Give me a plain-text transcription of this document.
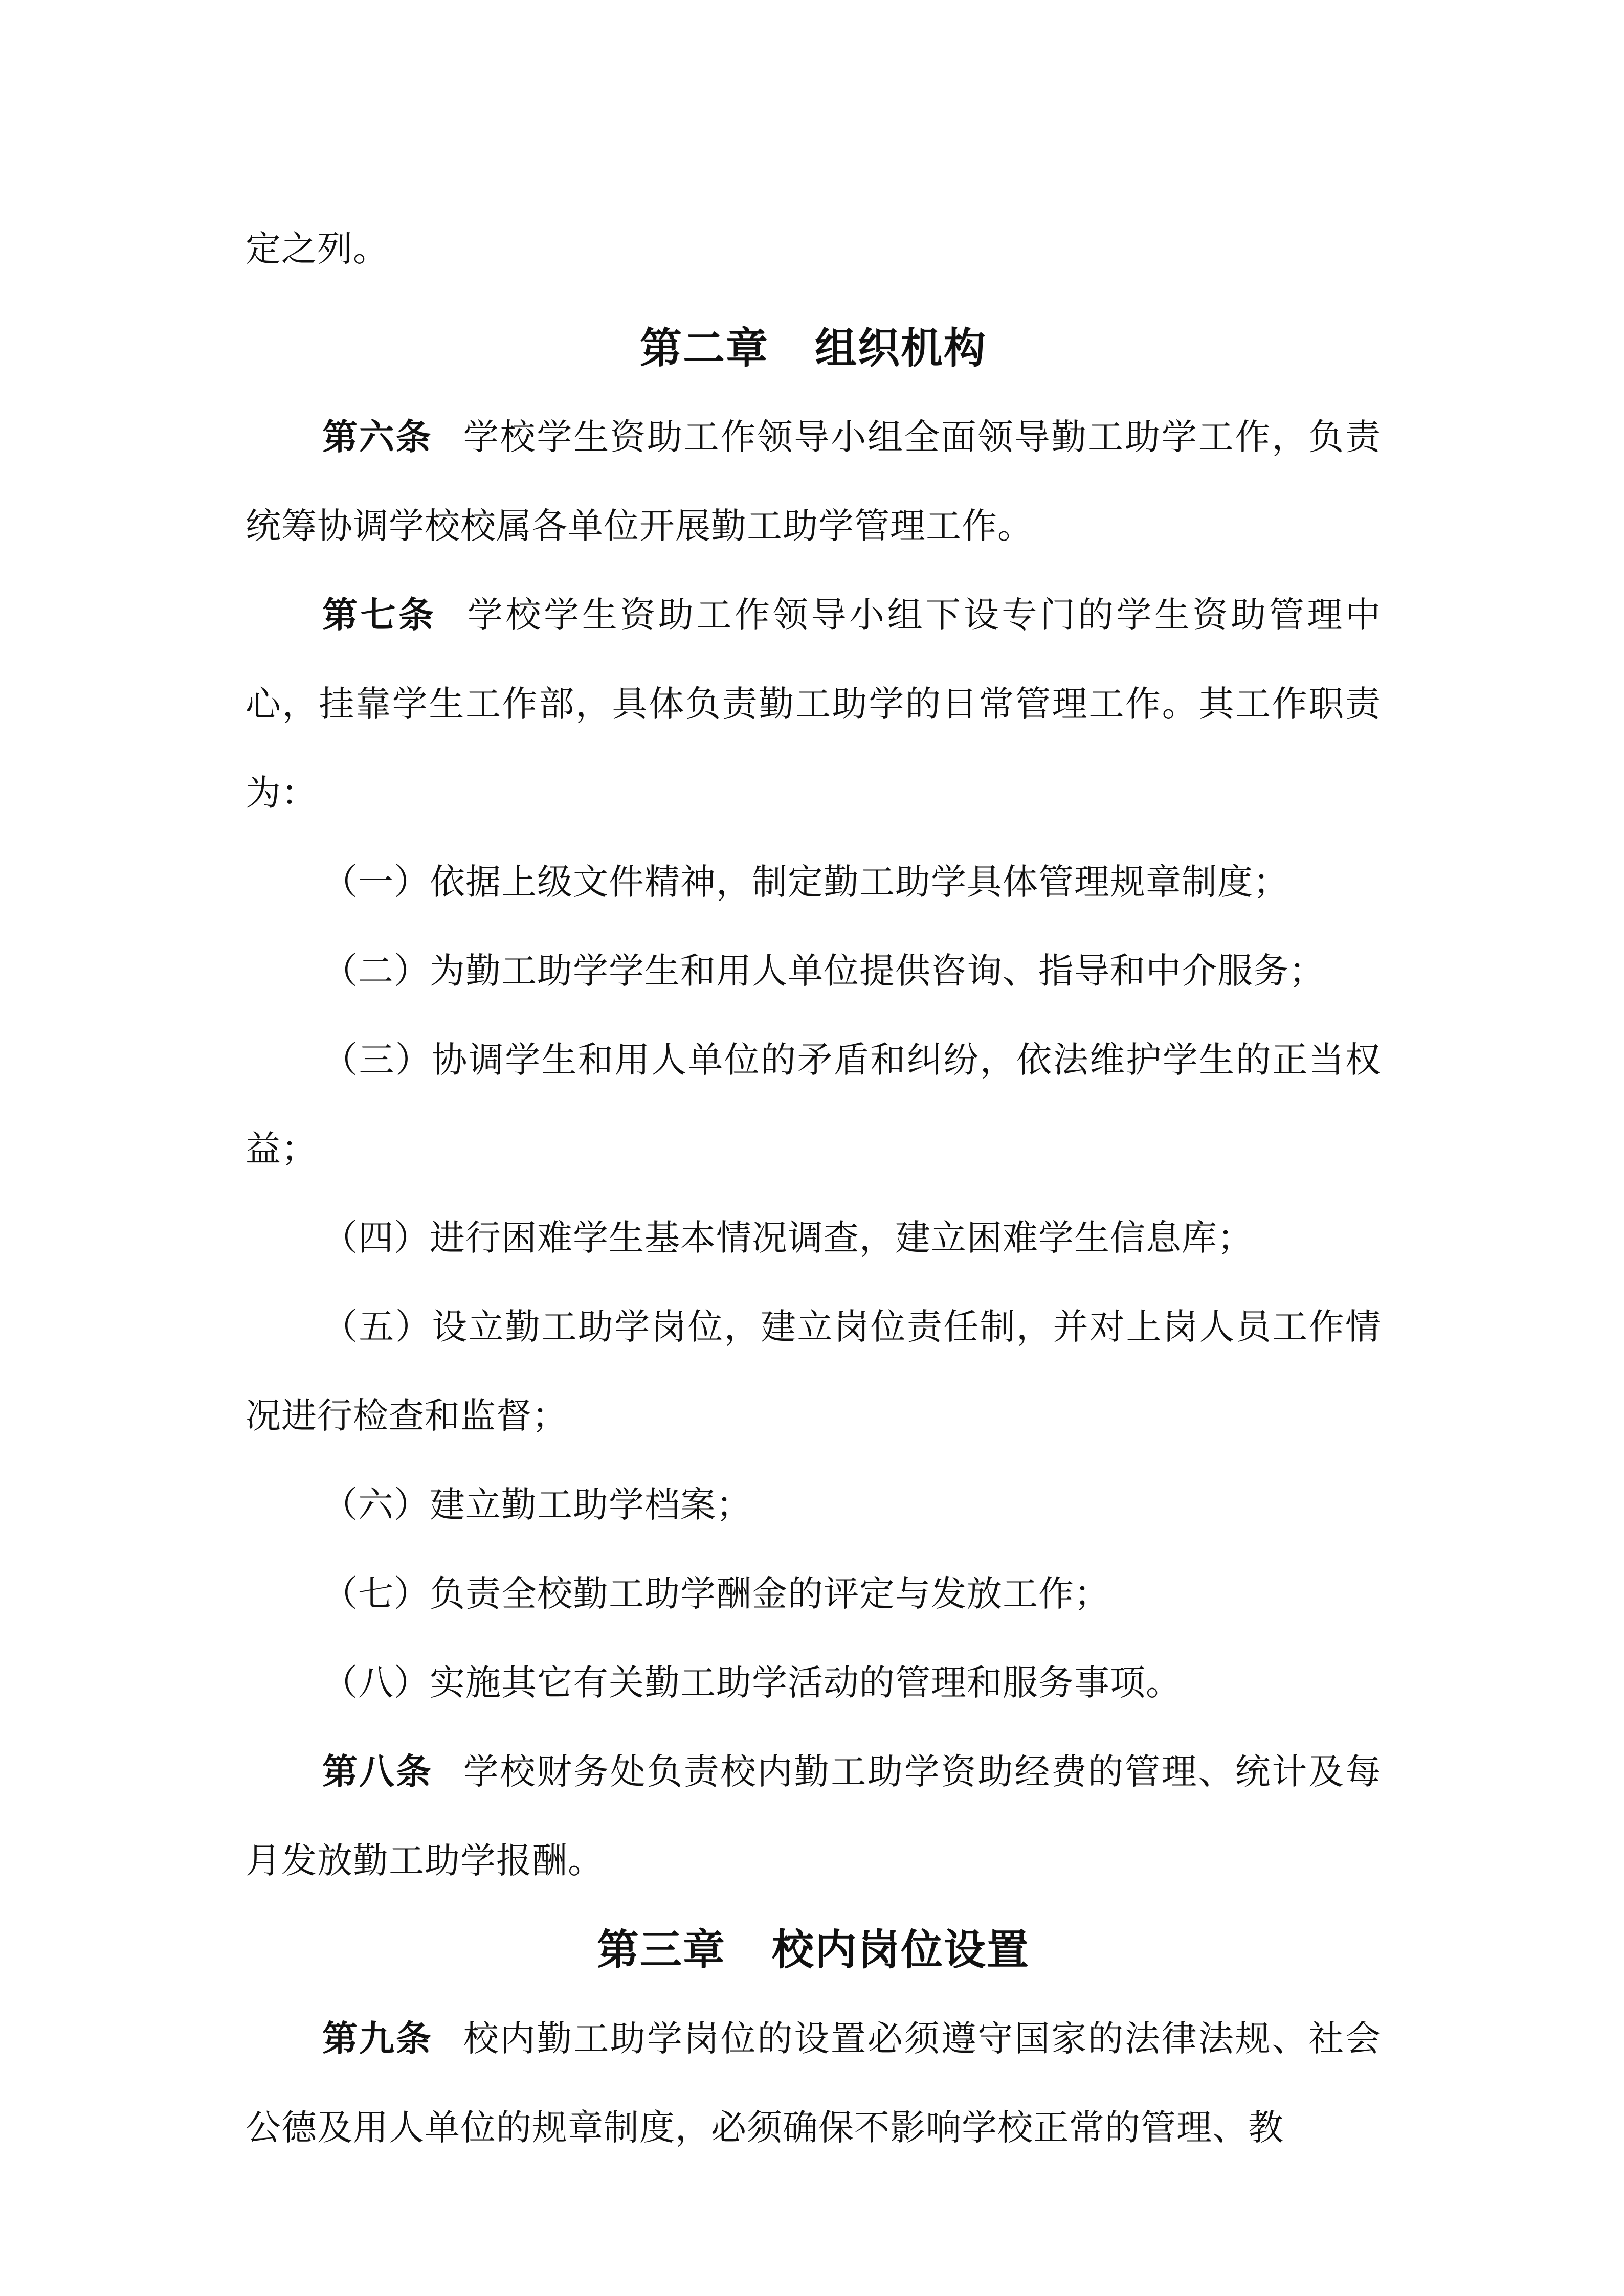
定之列。

第二章 组织机构

第六条 学校学生资助工作领导小组全面领导勤工助学工作，负责统筹协调学校校属各单位开展勤工助学管理工作。

第七条 学校学生资助工作领导小组下设专门的学生资助管理中心，挂靠学生工作部，具体负责勤工助学的日常管理工作。其工作职责为：

（一）依据上级文件精神，制定勤工助学具体管理规章制度；

（二）为勤工助学学生和用人单位提供咨询、指导和中介服务；

（三）协调学生和用人单位的矛盾和纠纷，依法维护学生的正当权益；

（四）进行困难学生基本情况调查，建立困难学生信息库；

（五）设立勤工助学岗位，建立岗位责任制，并对上岗人员工作情况进行检查和监督；

（六）建立勤工助学档案；

（七）负责全校勤工助学酬金的评定与发放工作；

（八）实施其它有关勤工助学活动的管理和服务事项。

第八条 学校财务处负责校内勤工助学资助经费的管理、统计及每月发放勤工助学报酬。

第三章 校内岗位设置

第九条 校内勤工助学岗位的设置必须遵守国家的法律法规、社会公德及用人单位的规章制度，必须确保不影响学校正常的管理、教
